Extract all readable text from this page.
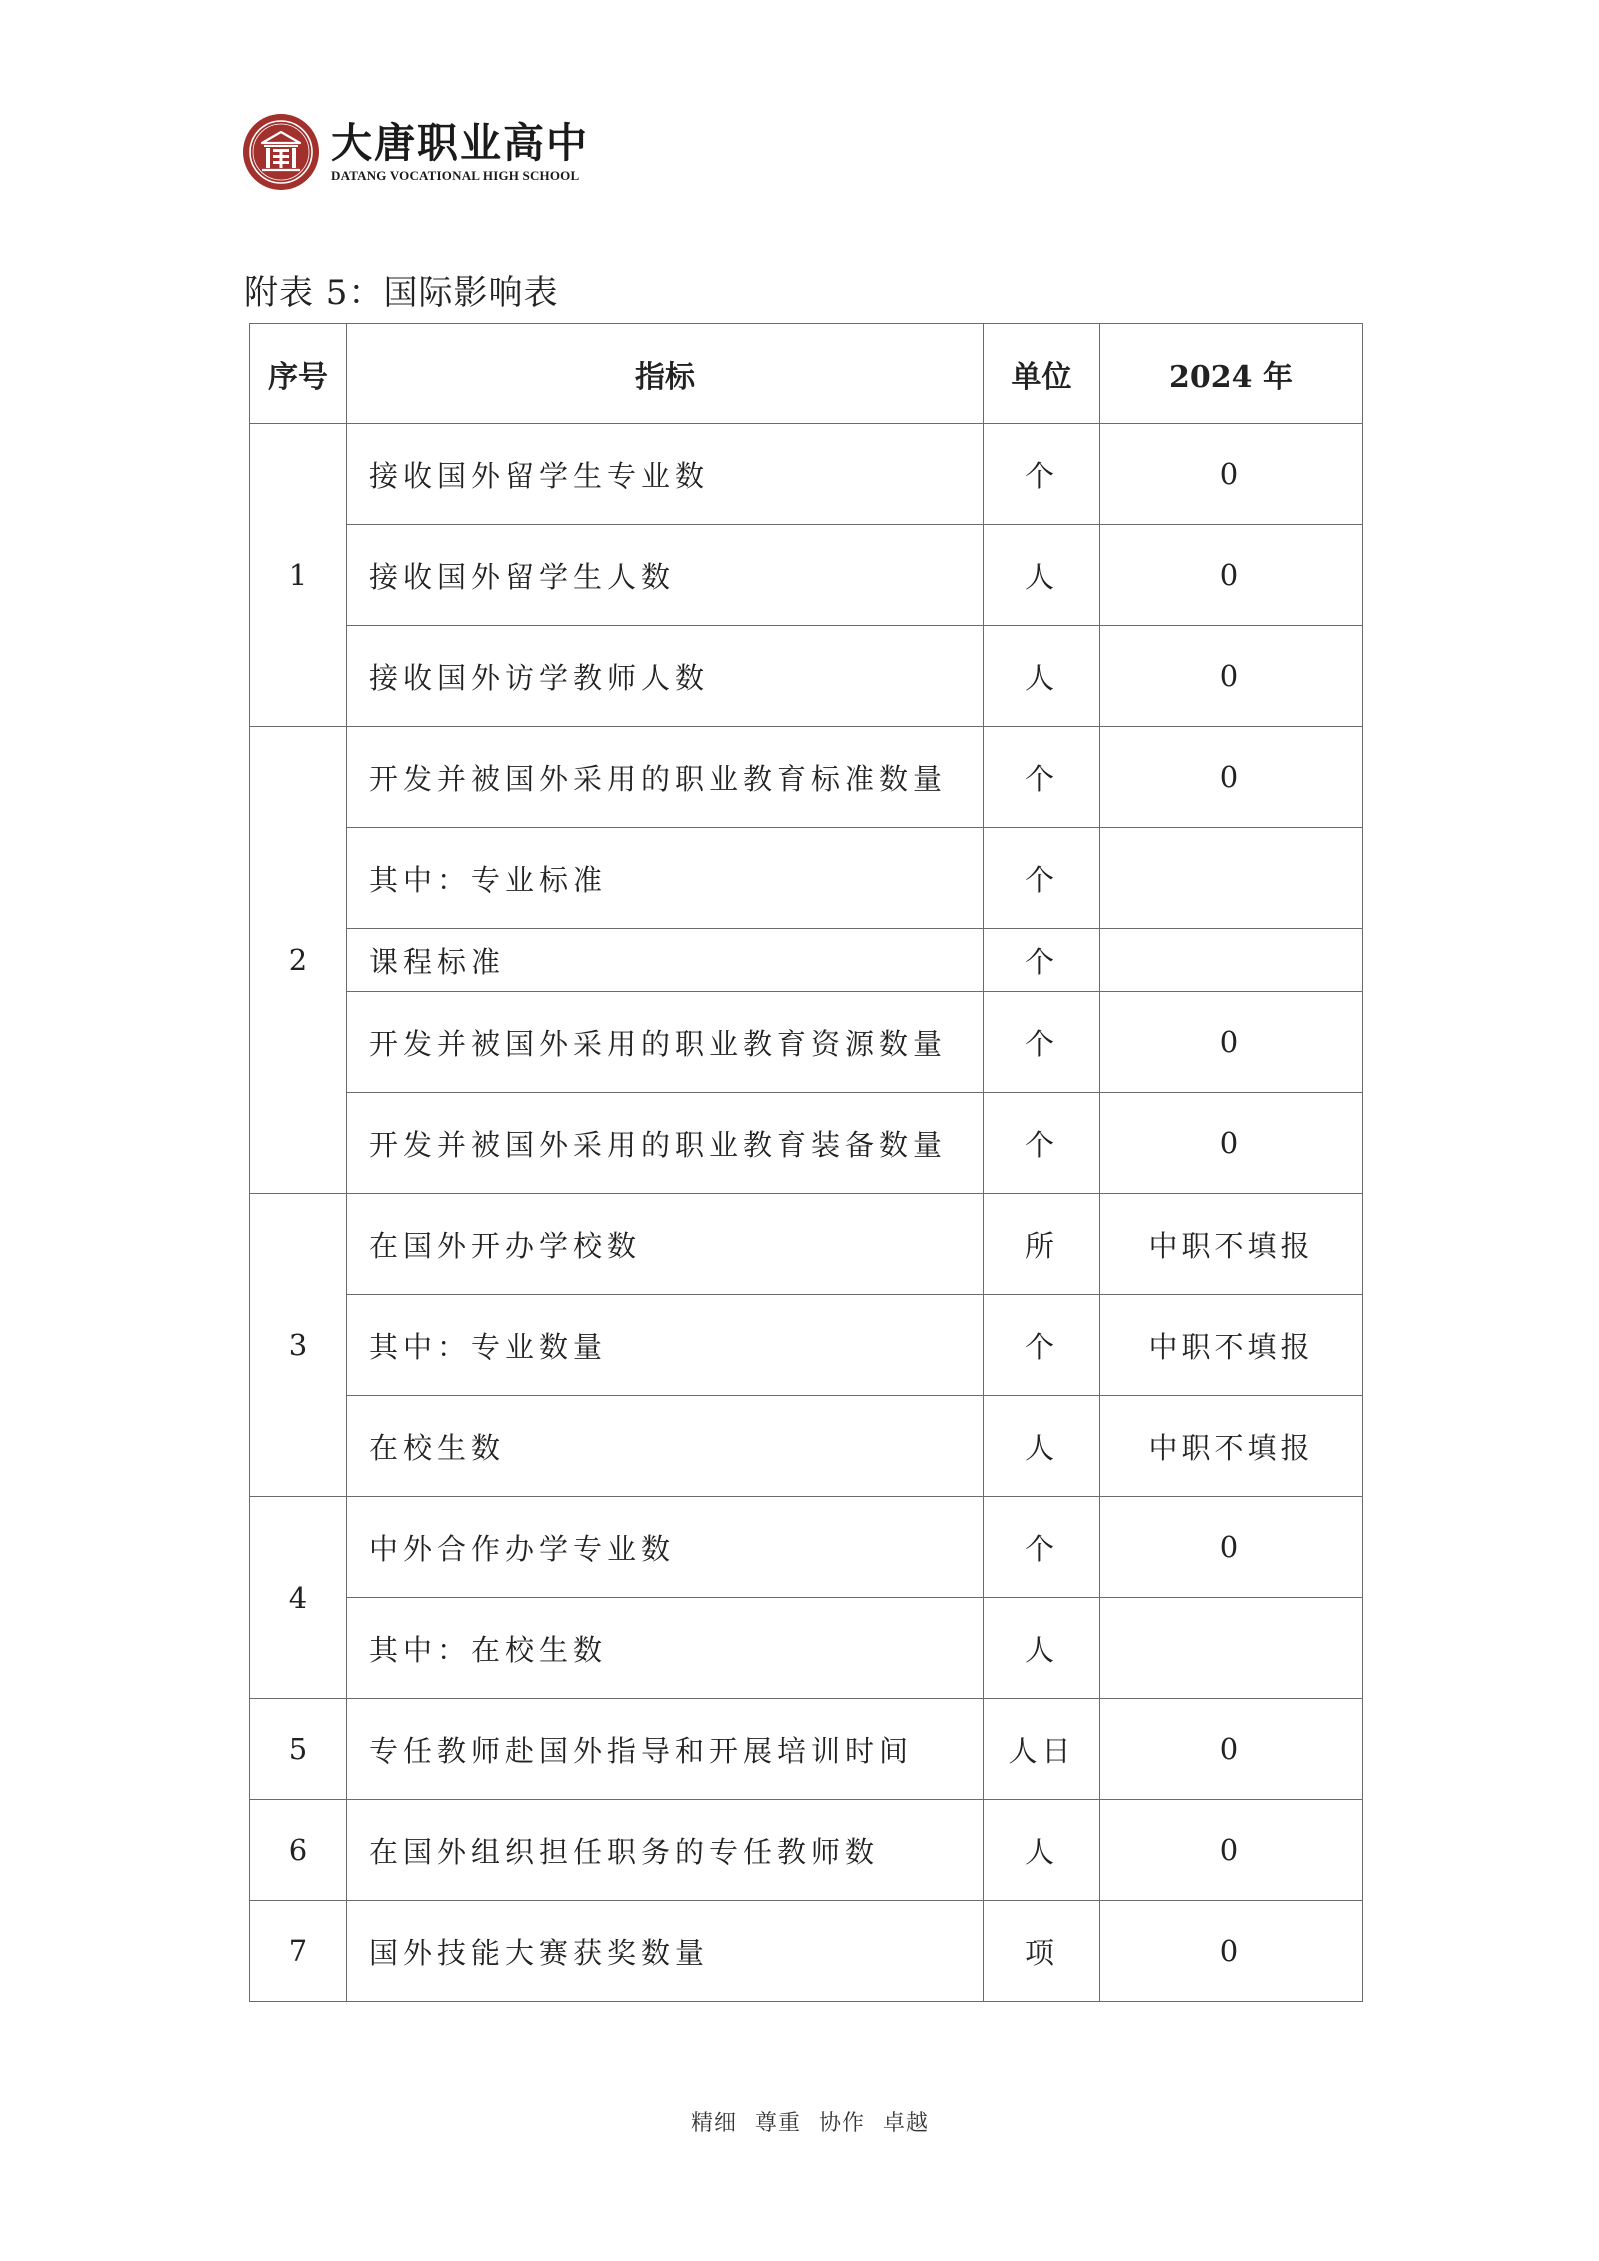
大唐职业高中
DATANG VOCATIONAL HIGH SCHOOL
附表 5：国际影响表
序号	指标	单位	2024 年
1	接收国外留学生专业数	个	0
	接收国外留学生人数	人	0
	接收国外访学教师人数	人	0
2	开发并被国外采用的职业教育标准数量	个	0
	其中：专业标准	个	
	课程标准	个	
	开发并被国外采用的职业教育资源数量	个	0
	开发并被国外采用的职业教育装备数量	个	0
3	在国外开办学校数	所	中职不填报
	其中：专业数量	个	中职不填报
	在校生数	人	中职不填报
4	中外合作办学专业数	个	0
	其中：在校生数	人	
5	专任教师赴国外指导和开展培训时间	人日	0
6	在国外组织担任职务的专任教师数	人	0
7	国外技能大赛获奖数量	项	0
精细 尊重 协作 卓越
